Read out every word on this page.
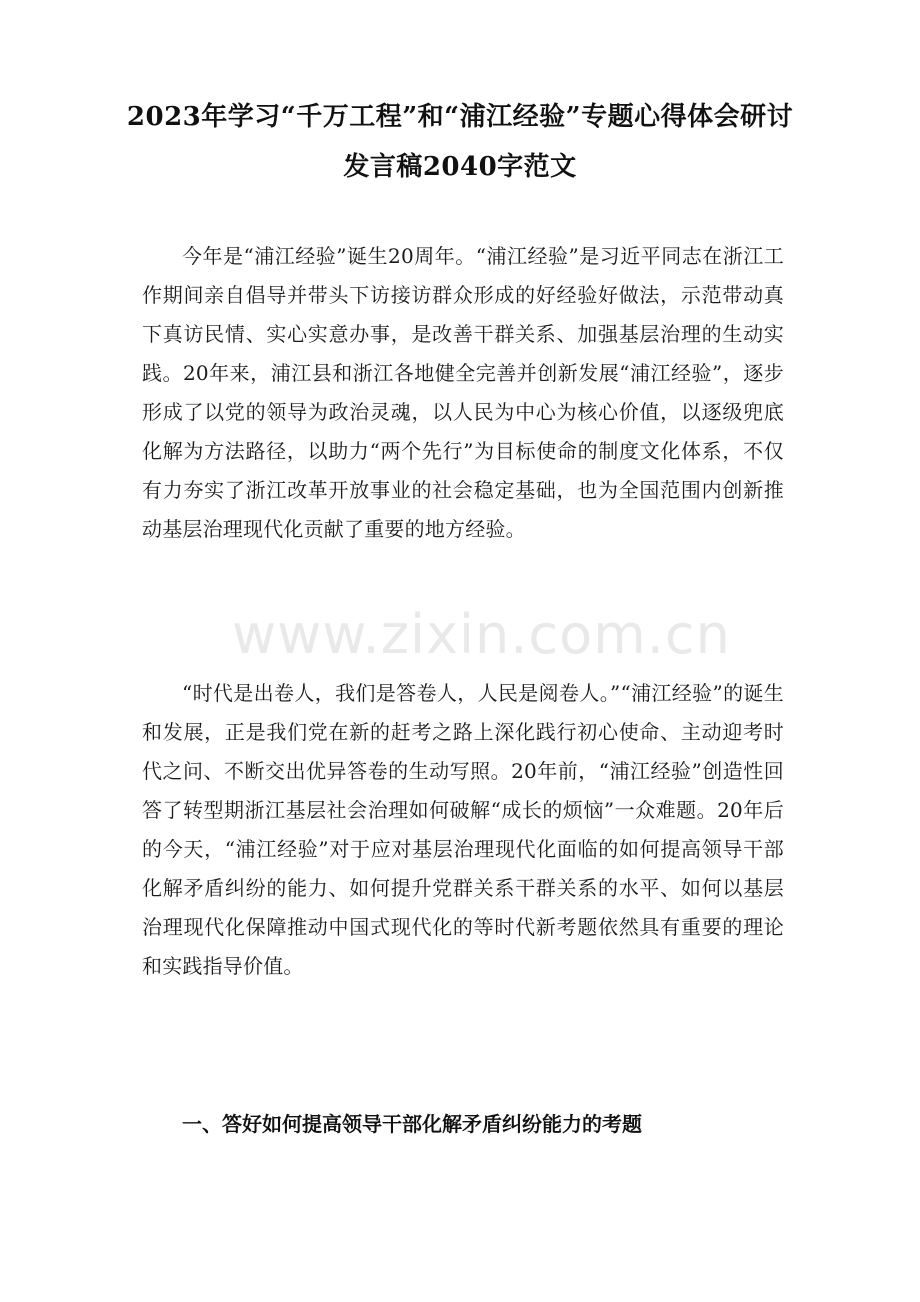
2023年学习“千万工程”和“浦江经验”专题心得体会研讨发言稿2040字范文
今年是“浦江经验”诞生20周年。“浦江经验”是习近平同志在浙江工作期间亲自倡导并带头下访接访群众形成的好经验好做法，示范带动真下真访民情、实心实意办事，是改善干群关系、加强基层治理的生动实践。20年来，浦江县和浙江各地健全完善并创新发展“浦江经验”，逐步形成了以党的领导为政治灵魂，以人民为中心为核心价值，以逐级兜底化解为方法路径，以助力“两个先行”为目标使命的制度文化体系，不仅有力夯实了浙江改革开放事业的社会稳定基础，也为全国范围内创新推动基层治理现代化贡献了重要的地方经验。
“时代是出卷人，我们是答卷人，人民是阅卷人。”“浦江经验”的诞生和发展，正是我们党在新的赶考之路上深化践行初心使命、主动迎考时代之问、不断交出优异答卷的生动写照。20年前，“浦江经验”创造性回答了转型期浙江基层社会治理如何破解“成长的烦恼”一众难题。20年后的今天，“浦江经验”对于应对基层治理现代化面临的如何提高领导干部化解矛盾纠纷的能力、如何提升党群关系干群关系的水平、如何以基层治理现代化保障推动中国式现代化的等时代新考题依然具有重要的理论和实践指导价值。
一、答好如何提高领导干部化解矛盾纠纷能力的考题
www.zixin.com.cn
